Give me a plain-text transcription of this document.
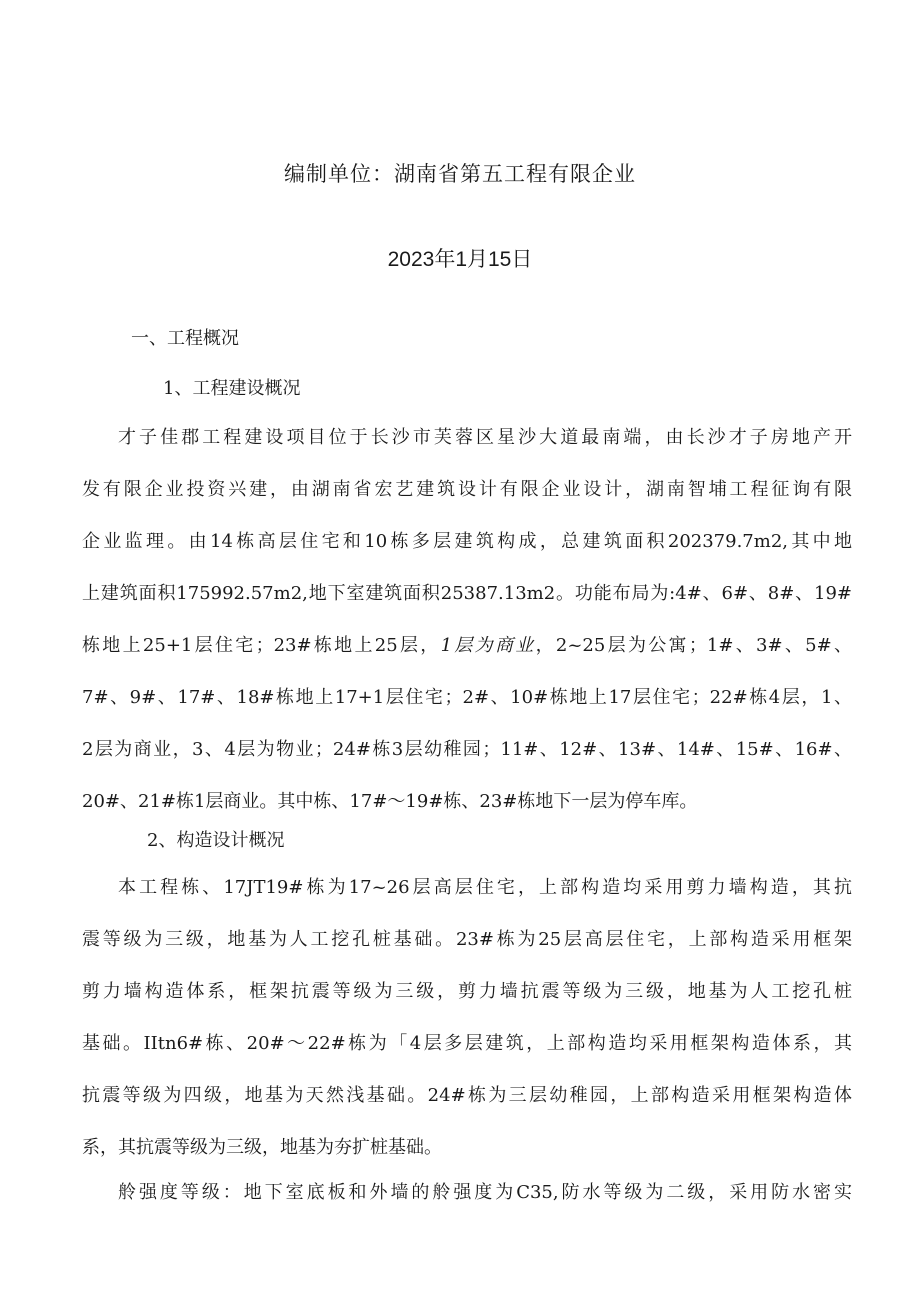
编制单位：湖南省第五工程有限企业
2023年1月15日
一、工程概况
1、工程建设概况
才子佳郡工程建设项目位于长沙市芙蓉区星沙大道最南端，由长沙才子房地产开
发有限企业投资兴建，由湖南省宏艺建筑设计有限企业设计，湖南智埔工程征询有限
企业监理。由14栋高层住宅和10栋多层建筑构成，总建筑面积202379.7m2,其中地
上建筑面积175992.57m2,地下室建筑面积25387.13m2。功能布局为:4#、6#、8#、19#
栋地上25+1层住宅；23#栋地上25层，1层为商业，2~25层为公寓；1#、3#、5#、
7#、9#、17#、18#栋地上17+1层住宅；2#、10#栋地上17层住宅；22#栋4层，1、
2层为商业，3、4层为物业；24#栋3层幼稚园；11#、12#、13#、14#、15#、16#、
20#、21#栋1层商业。其中栋、17#～19#栋、23#栋地下一层为停车库。
2、构造设计概况
本工程栋、17JT19#栋为17~26层高层住宅，上部构造均采用剪力墙构造，其抗
震等级为三级，地基为人工挖孔桩基础。23#栋为25层高层住宅，上部构造采用框架
剪力墙构造体系，框架抗震等级为三级，剪力墙抗震等级为三级，地基为人工挖孔桩
基础。IItn6#栋、20#～22#栋为「4层多层建筑，上部构造均采用框架构造体系，其
抗震等级为四级，地基为天然浅基础。24#栋为三层幼稚园，上部构造采用框架构造体
系，其抗震等级为三级，地基为夯扩桩基础。
舲强度等级：地下室底板和外墙的舲强度为C35,防水等级为二级，采用防水密实
